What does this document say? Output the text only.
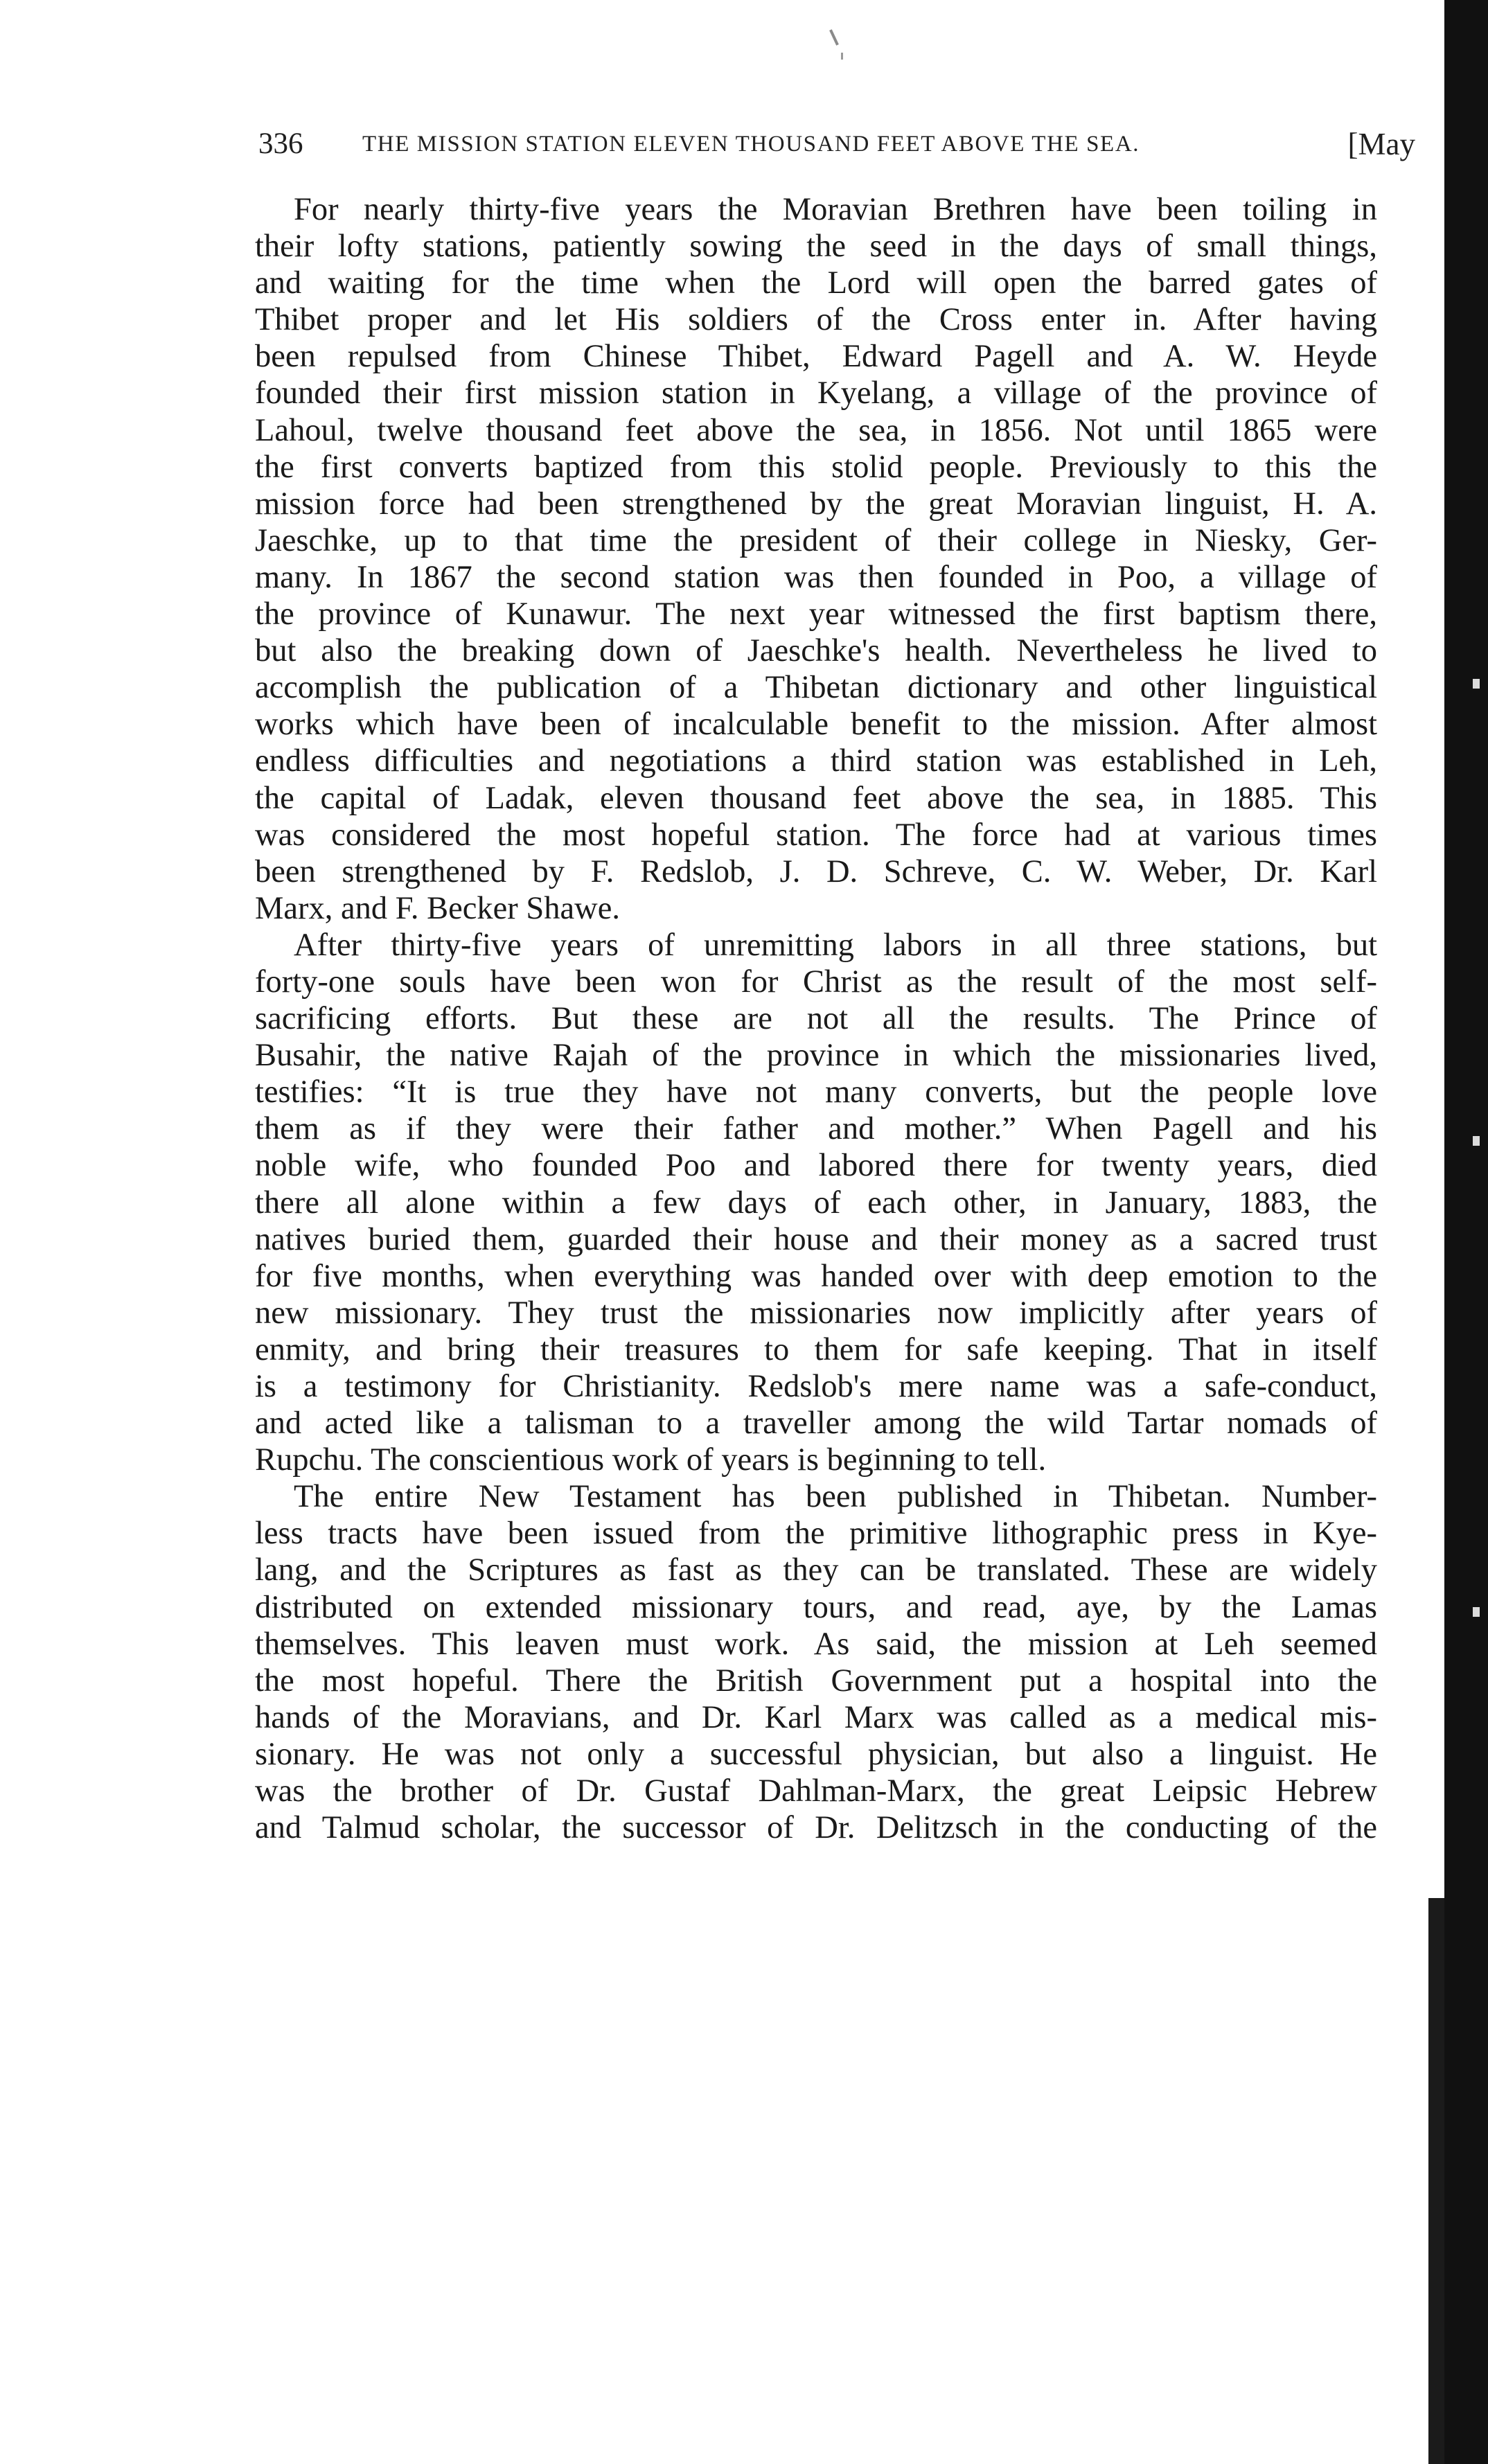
336	THE MISSION STATION ELEVEN THOUSAND FEET ABOVE THE SEA.	[May
For nearly thirty-five years the Moravian Brethren have been toiling in
their lofty stations, patiently sowing the seed in the days of small things,
and waiting for the time when the Lord will open the barred gates of
Thibet proper and let His soldiers of the Cross enter in. After having
been repulsed from Chinese Thibet, Edward Pagell and A. W. Heyde
founded their first mission station in Kyelang, a village of the province of
Lahoul, twelve thousand feet above the sea, in 1856. Not until 1865 were
the first converts baptized from this stolid people. Previously to this the
mission force had been strengthened by the great Moravian linguist, H. A.
Jaeschke, up to that time the president of their college in Niesky, Ger-
many. In 1867 the second station was then founded in Poo, a village of
the province of Kunawur. The next year witnessed the first baptism there,
but also the breaking down of Jaeschke's health. Nevertheless he lived to
accomplish the publication of a Thibetan dictionary and other linguistical
works which have been of incalculable benefit to the mission. After almost
endless difficulties and negotiations a third station was established in Leh,
the capital of Ladak, eleven thousand feet above the sea, in 1885. This
was considered the most hopeful station. The force had at various times
been strengthened by F. Redslob, J. D. Schreve, C. W. Weber, Dr. Karl
Marx, and F. Becker Shawe.
After thirty-five years of unremitting labors in all three stations, but
forty-one souls have been won for Christ as the result of the most self-
sacrificing efforts. But these are not all the results. The Prince of
Busahir, the native Rajah of the province in which the missionaries lived,
testifies: “It is true they have not many converts, but the people love
them as if they were their father and mother.” When Pagell and his
noble wife, who founded Poo and labored there for twenty years, died
there all alone within a few days of each other, in January, 1883, the
natives buried them, guarded their house and their money as a sacred trust
for five months, when everything was handed over with deep emotion to the
new missionary. They trust the missionaries now implicitly after years of
enmity, and bring their treasures to them for safe keeping. That in itself
is a testimony for Christianity. Redslob's mere name was a safe-conduct,
and acted like a talisman to a traveller among the wild Tartar nomads of
Rupchu. The conscientious work of years is beginning to tell.
The entire New Testament has been published in Thibetan. Number-
less tracts have been issued from the primitive lithographic press in Kye-
lang, and the Scriptures as fast as they can be translated. These are widely
distributed on extended missionary tours, and read, aye, by the Lamas
themselves. This leaven must work. As said, the mission at Leh seemed
the most hopeful. There the British Government put a hospital into the
hands of the Moravians, and Dr. Karl Marx was called as a medical mis-
sionary. He was not only a successful physician, but also a linguist. He
was the brother of Dr. Gustaf Dahlman-Marx, the great Leipsic Hebrew
and Talmud scholar, the successor of Dr. Delitzsch in the conducting of the
